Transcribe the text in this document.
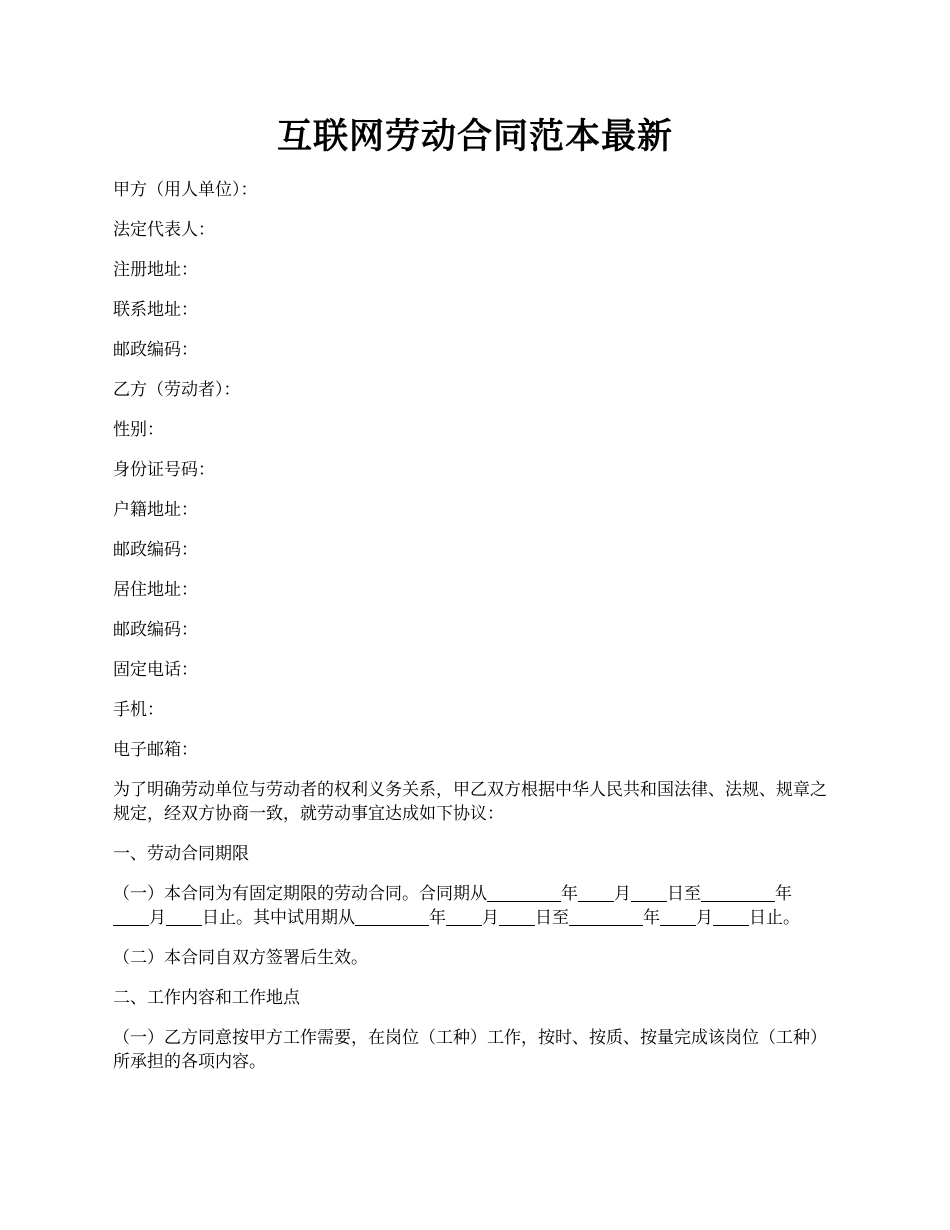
互联网劳动合同范本最新
甲方（用人单位）：
法定代表人：
注册地址：
联系地址：
邮政编码：
乙方（劳动者）：
性别：
身份证号码：
户籍地址：
邮政编码：
居住地址：
邮政编码：
固定电话：
手机：
电子邮箱：
为了明确劳动单位与劳动者的权利义务关系，甲乙双方根据中华人民共和国法律、法规、规章之规定，经双方协商一致，就劳动事宜达成如下协议：
一、劳动合同期限
（一）本合同为有固定期限的劳动合同。合同期从	年 月 日至	年
月 日止。其中试用期从	年 月 日至	年 月 日止。
（二）本合同自双方签署后生效。
二、工作内容和工作地点
（一）乙方同意按甲方工作需要，在岗位（工种）工作，按时、按质、按量完成该岗位（工种）所承担的各项内容。
